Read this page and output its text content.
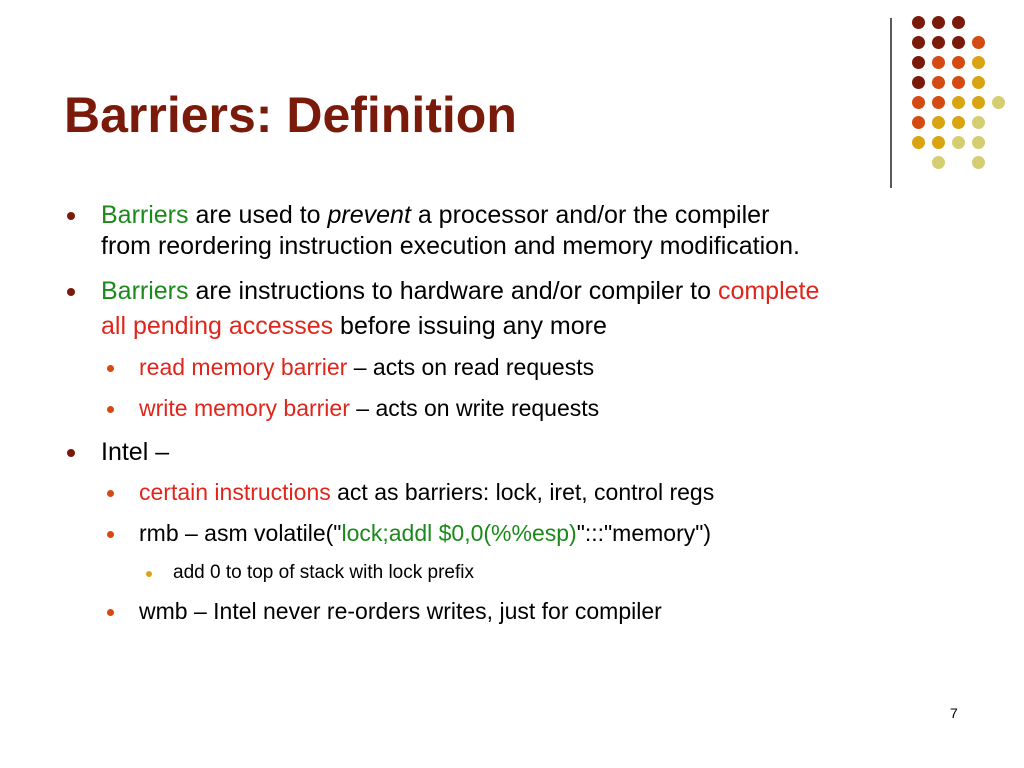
Barriers: Definition
Barriers are used to prevent a processor and/or the compiler
from reordering instruction execution and memory modification.
Barriers are instructions to hardware and/or compiler to complete
all pending accesses before issuing any more
read memory barrier – acts on read requests
write memory barrier – acts on write requests
Intel –
certain instructions act as barriers: lock, iret, control regs
rmb – asm volatile("lock;addl $0,0(%%esp)":::"memory")
add 0 to top of stack with lock prefix
wmb – Intel never re-orders writes, just for compiler
7
